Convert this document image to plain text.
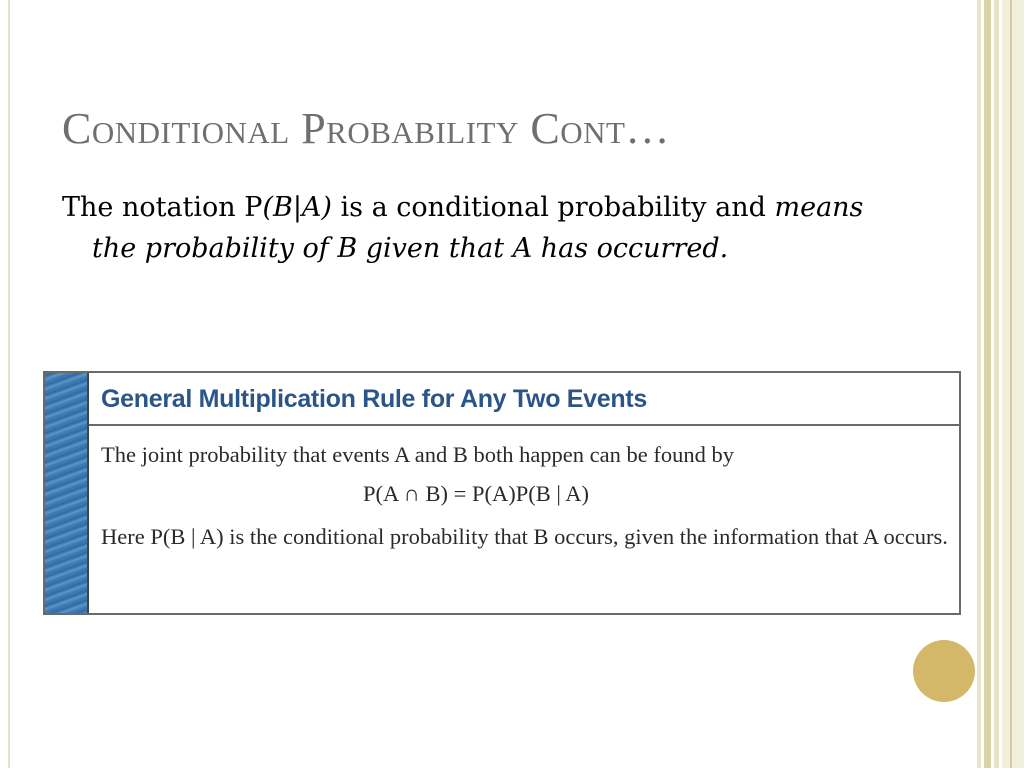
Conditional Probability Cont…

The notation P(B|A) is a conditional probability and means the probability of B given that A has occurred.

General Multiplication Rule for Any Two Events

The joint probability that events A and B both happen can be found by

P(A ∩ B) = P(A)P(B | A)

Here P(B | A) is the conditional probability that B occurs, given the information that A occurs.
